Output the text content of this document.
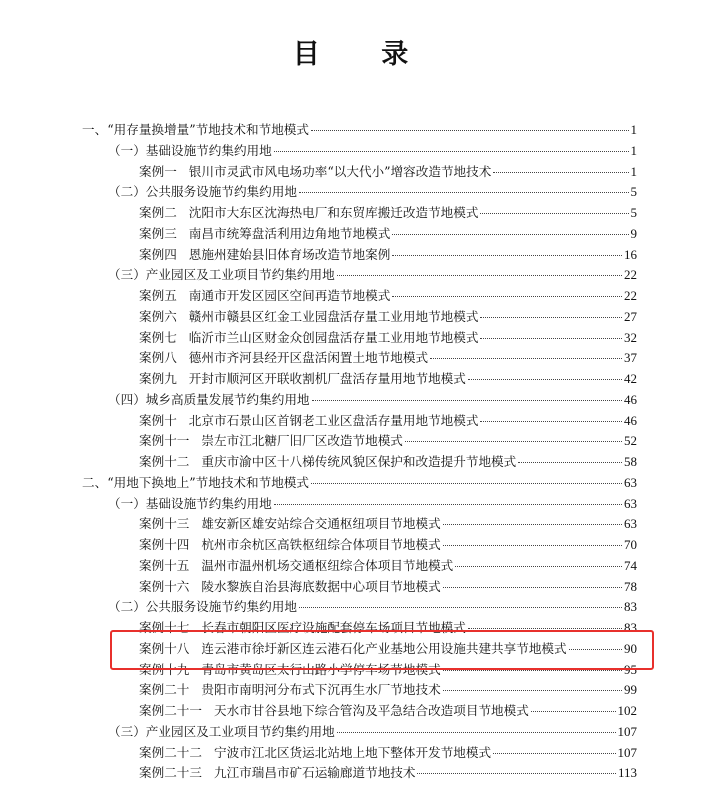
目 录
一、“用存量换增量”节地技术和节地模式	1
（一）基础设施节约集约用地	1
案例一 银川市灵武市风电场功率“以大代小”增容改造节地技术	1
（二）公共服务设施节约集约用地	5
案例二 沈阳市大东区沈海热电厂和东贸库搬迁改造节地模式	5
案例三 南昌市统筹盘活利用边角地节地模式	9
案例四 恩施州建始县旧体育场改造节地案例	16
（三）产业园区及工业项目节约集约用地	22
案例五 南通市开发区园区空间再造节地模式	22
案例六 赣州市赣县区红金工业园盘活存量工业用地节地模式	27
案例七 临沂市兰山区财金众创园盘活存量工业用地节地模式	32
案例八 德州市齐河县经开区盘活闲置土地节地模式	37
案例九 开封市顺河区开联收割机厂盘活存量用地节地模式	42
（四）城乡高质量发展节约集约用地	46
案例十 北京市石景山区首钢老工业区盘活存量用地节地模式	46
案例十一 崇左市江北糖厂旧厂区改造节地模式	52
案例十二 重庆市渝中区十八梯传统风貌区保护和改造提升节地模式	58
二、“用地下换地上”节地技术和节地模式	63
（一）基础设施节约集约用地	63
案例十三 雄安新区雄安站综合交通枢纽项目节地模式	63
案例十四 杭州市余杭区高铁枢纽综合体项目节地模式	70
案例十五 温州市温州机场交通枢纽综合体项目节地模式	74
案例十六 陵水黎族自治县海底数据中心项目节地模式	78
（二）公共服务设施节约集约用地	83
案例十七 长春市朝阳区医疗设施配套停车场项目节地模式	83
案例十八 连云港市徐圩新区连云港石化产业基地公用设施共建共享节地模式	90
案例十九 青岛市黄岛区太行山路小学停车场节地模式	95
案例二十 贵阳市南明河分布式下沉再生水厂节地技术	99
案例二十一 天水市甘谷县地下综合管沟及平急结合改造项目节地模式	102
（三）产业园区及工业项目节约集约用地	107
案例二十二 宁波市江北区货运北站地上地下整体开发节地模式	107
案例二十三 九江市瑞昌市矿石运输廊道节地技术	113
